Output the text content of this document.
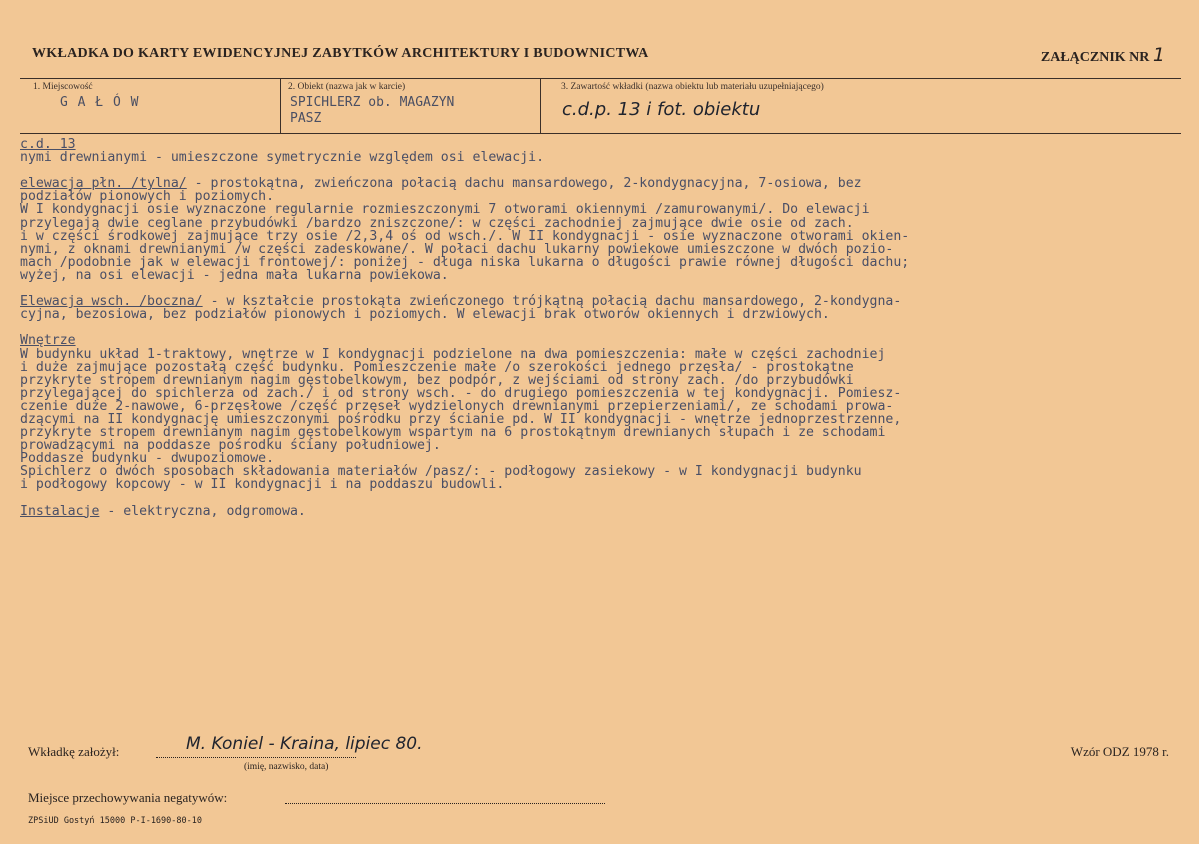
WKŁADKA DO KARTY EWIDENCYJNEJ ZABYTKÓW ARCHITEKTURY I BUDOWNICTWA	ZAŁĄCZNIK NR 1
1. Miejscowość
G A Ł Ó W
2. Obiekt (nazwa jak w karcie)
SPICHLERZ ob. MAGAZYN
PASZ
3. Zawartość wkładki (nazwa obiektu lub materiału uzupełniającego)
c.d.p. 13 i fot. obiektu
c.d. 13
nymi drewnianymi - umieszczone symetrycznie względem osi elewacji.

elewacja płn. /tylna/ - prostokątna, zwieńczona połacią dachu mansardowego, 2-kondygnacyjna, 7-osiowa, bez
podziałów pionowych i poziomych.
W I kondygnacji osie wyznaczone regularnie rozmieszczonymi 7 otworami okiennymi /zamurowanymi/. Do elewacji
przylegają dwie ceglane przybudówki /bardzo zniszczone/: w części zachodniej zajmujące dwie osie od zach.
i w części środkowej zajmujące trzy osie /2,3,4 oś od wsch./. W II kondygnacji - osie wyznaczone otworami okien-
nymi, z oknami drewnianymi /w części zadeskowane/. W połaci dachu lukarny powiekowe umieszczone w dwóch pozio-
mach /podobnie jak w elewacji frontowej/: poniżej - długa niska lukarna o długości prawie równej długości dachu;
wyżej, na osi elewacji - jedna mała lukarna powiekowa.

Elewacja wsch. /boczna/ - w kształcie prostokąta zwieńczonego trójkątną połacią dachu mansardowego, 2-kondygna-
cyjna, bezosiowa, bez podziałów pionowych i poziomych. W elewacji brak otworów okiennych i drzwiowych.

Wnętrze
W budynku układ 1-traktowy, wnętrze w I kondygnacji podzielone na dwa pomieszczenia: małe w części zachodniej
i duże zajmujące pozostałą część budynku. Pomieszczenie małe /o szerokości jednego przęsła/ - prostokątne
przykryte stropem drewnianym nagim gęstobelkowym, bez podpór, z wejściami od strony zach. /do przybudówki
przylegającej do spichlerza od zach./ i od strony wsch. - do drugiego pomieszczenia w tej kondygnacji. Pomiesz-
czenie duże 2-nawowe, 6-przęsłowe /część przęseł wydzielonych drewnianymi przepierzeniami/, ze schodami prowa-
dzącymi na II kondygnację umieszczonymi pośrodku przy ścianie pd. W II kondygnacji - wnętrze jednoprzestrzenne,
przykryte stropem drewnianym nagim gęstobelkowym wspartym na 6 prostokątnym drewnianych słupach i ze schodami
prowadzącymi na poddasze pośrodku ściany południowej.
Poddasze budynku - dwupoziomowe.
Spichlerz o dwóch sposobach składowania materiałów /pasz/: - podłogowy zasiekowy - w I kondygnacji budynku
i podłogowy kopcowy - w II kondygnacji i na poddaszu budowli.

Instalacje - elektryczna, odgromowa.
Wkładkę założył:	M. Koniel - Kraina, lipiec 80.
(imię, nazwisko, data)
Wzór ODZ 1978 r.
Miejsce przechowywania negatywów:
ZPSiUD Gostyń 15000 P-I-1690-80-10
